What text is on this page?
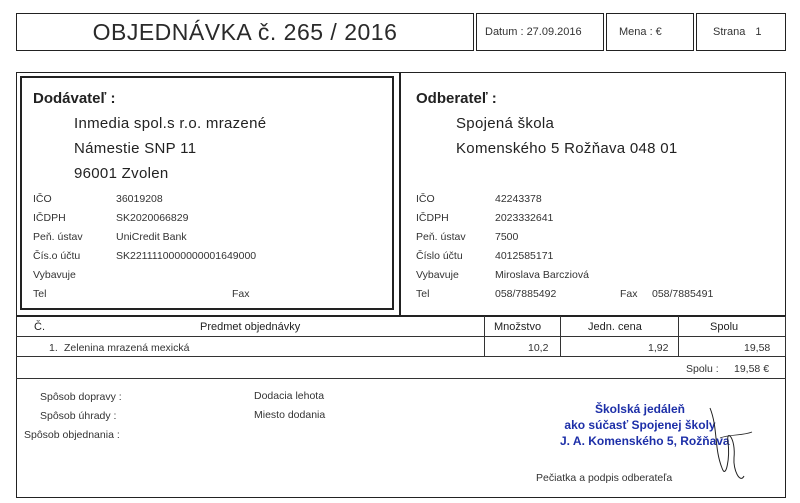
OBJEDNÁVKA č. 265 / 2016	Datum : 27.09.2016	Mena : €	Strana 1
Dodávateľ :
Inmedia spol.s r.o. mrazené
Námestie SNP 11
96001 Zvolen
IČO	36019208
IČDPH	SK2020066829
Peň. ústav	UniCredit Bank
Čís.o účtu	SK2211110000000001649000
Vybavuje
Tel	Fax
Odberateľ :
Spojená škola
Komenského 5 Rožňava 048 01
IČO	42243378
IČDPH	2023332641
Peň. ústav	7500
Číslo účtu	4012585171
Vybavuje	Miroslava Barcziová
Tel	058/7885492	Fax 058/7885491
Č.	Predmet objednávky	Množstvo	Jedn. cena	Spolu
1. Zelenina mrazená mexická	10,2	1,92	19,58
Spolu : 19,58 €
Spôsob dopravy :
Spôsob úhrady :
Spôsob objednania :
Dodacia lehota
Miesto dodania	Školská jedáleň
ako súčasť Spojenej školy
J. A. Komenského 5, Rožňava
Pečiatka a podpis odberateľa
